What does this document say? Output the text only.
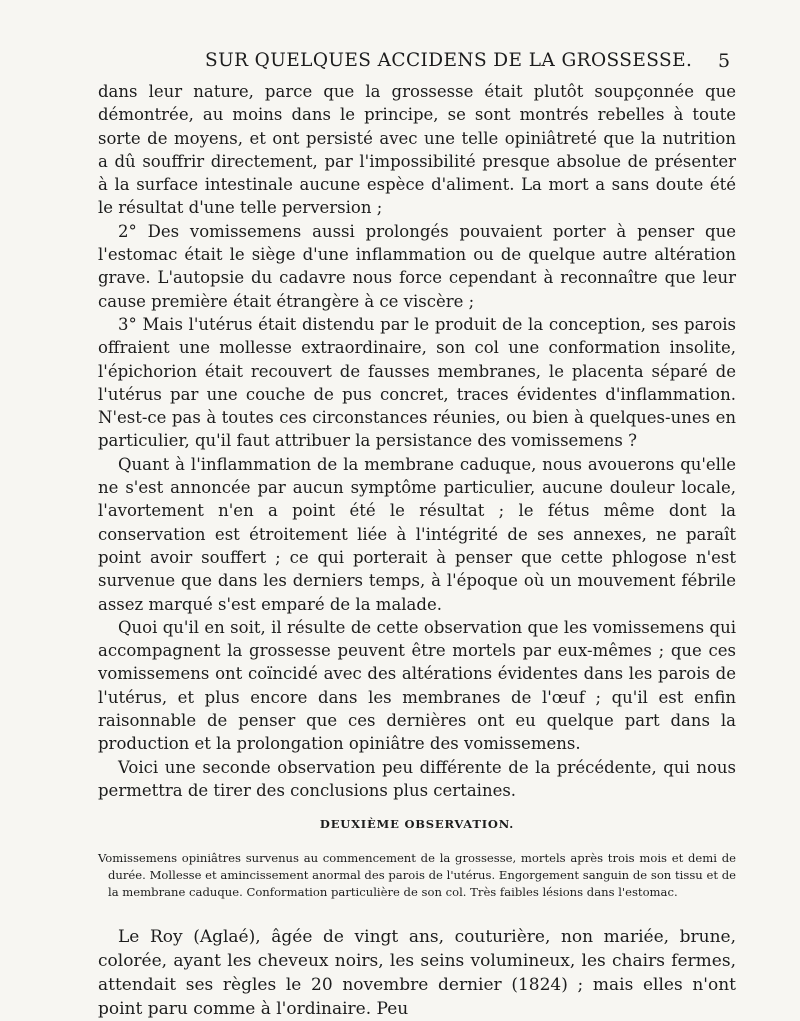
SUR QUELQUES ACCIDENS DE LA GROSSESSE. 5

dans leur nature, parce que la grossesse était plutôt soupçonnée que démontrée, au moins dans le principe, se sont montrés rebelles à toute sorte de moyens, et ont persisté avec une telle opiniâtreté que la nutrition a dû souffrir directement, par l'impossibilité presque absolue de présenter à la surface intestinale aucune espèce d'aliment. La mort a sans doute été le résultat d'une telle perversion ;

2° Des vomissemens aussi prolongés pouvaient porter à penser que l'estomac était le siège d'une inflammation ou de quelque autre altération grave. L'autopsie du cadavre nous force cependant à reconnaître que leur cause première était étrangère à ce viscère ;

3° Mais l'utérus était distendu par le produit de la conception, ses parois offraient une mollesse extraordinaire, son col une conformation insolite, l'épichorion était recouvert de fausses membranes, le placenta séparé de l'utérus par une couche de pus concret, traces évidentes d'inflammation. N'est-ce pas à toutes ces circonstances réunies, ou bien à quelques-unes en particulier, qu'il faut attribuer la persistance des vomissemens ?

Quant à l'inflammation de la membrane caduque, nous avouerons qu'elle ne s'est annoncée par aucun symptôme particulier, aucune douleur locale, l'avortement n'en a point été le résultat ; le fétus même dont la conservation est étroitement liée à l'intégrité de ses annexes, ne paraît point avoir souffert ; ce qui porterait à penser que cette phlogose n'est survenue que dans les derniers temps, à l'époque où un mouvement fébrile assez marqué s'est emparé de la malade.

Quoi qu'il en soit, il résulte de cette observation que les vomissemens qui accompagnent la grossesse peuvent être mortels par eux-mêmes ; que ces vomissemens ont coïncidé avec des altérations évidentes dans les parois de l'utérus, et plus encore dans les membranes de l'œuf ; qu'il est enfin raisonnable de penser que ces dernières ont eu quelque part dans la production et la prolongation opiniâtre des vomissemens.

Voici une seconde observation peu différente de la précédente, qui nous permettra de tirer des conclusions plus certaines.

DEUXIÈME OBSERVATION.

Vomissemens opiniâtres survenus au commencement de la grossesse, mortels après trois mois et demi de durée. Mollesse et amincissement anormal des parois de l'utérus. Engorgement sanguin de son tissu et de la membrane caduque. Conformation particulière de son col. Très faibles lésions dans l'estomac.

Le Roy (Aglaé), âgée de vingt ans, couturière, non mariée, brune, colorée, ayant les cheveux noirs, les seins volumineux, les chairs fermes, attendait ses règles le 20 novembre dernier (1824) ; mais elles n'ont point paru comme à l'ordinaire. Peu
